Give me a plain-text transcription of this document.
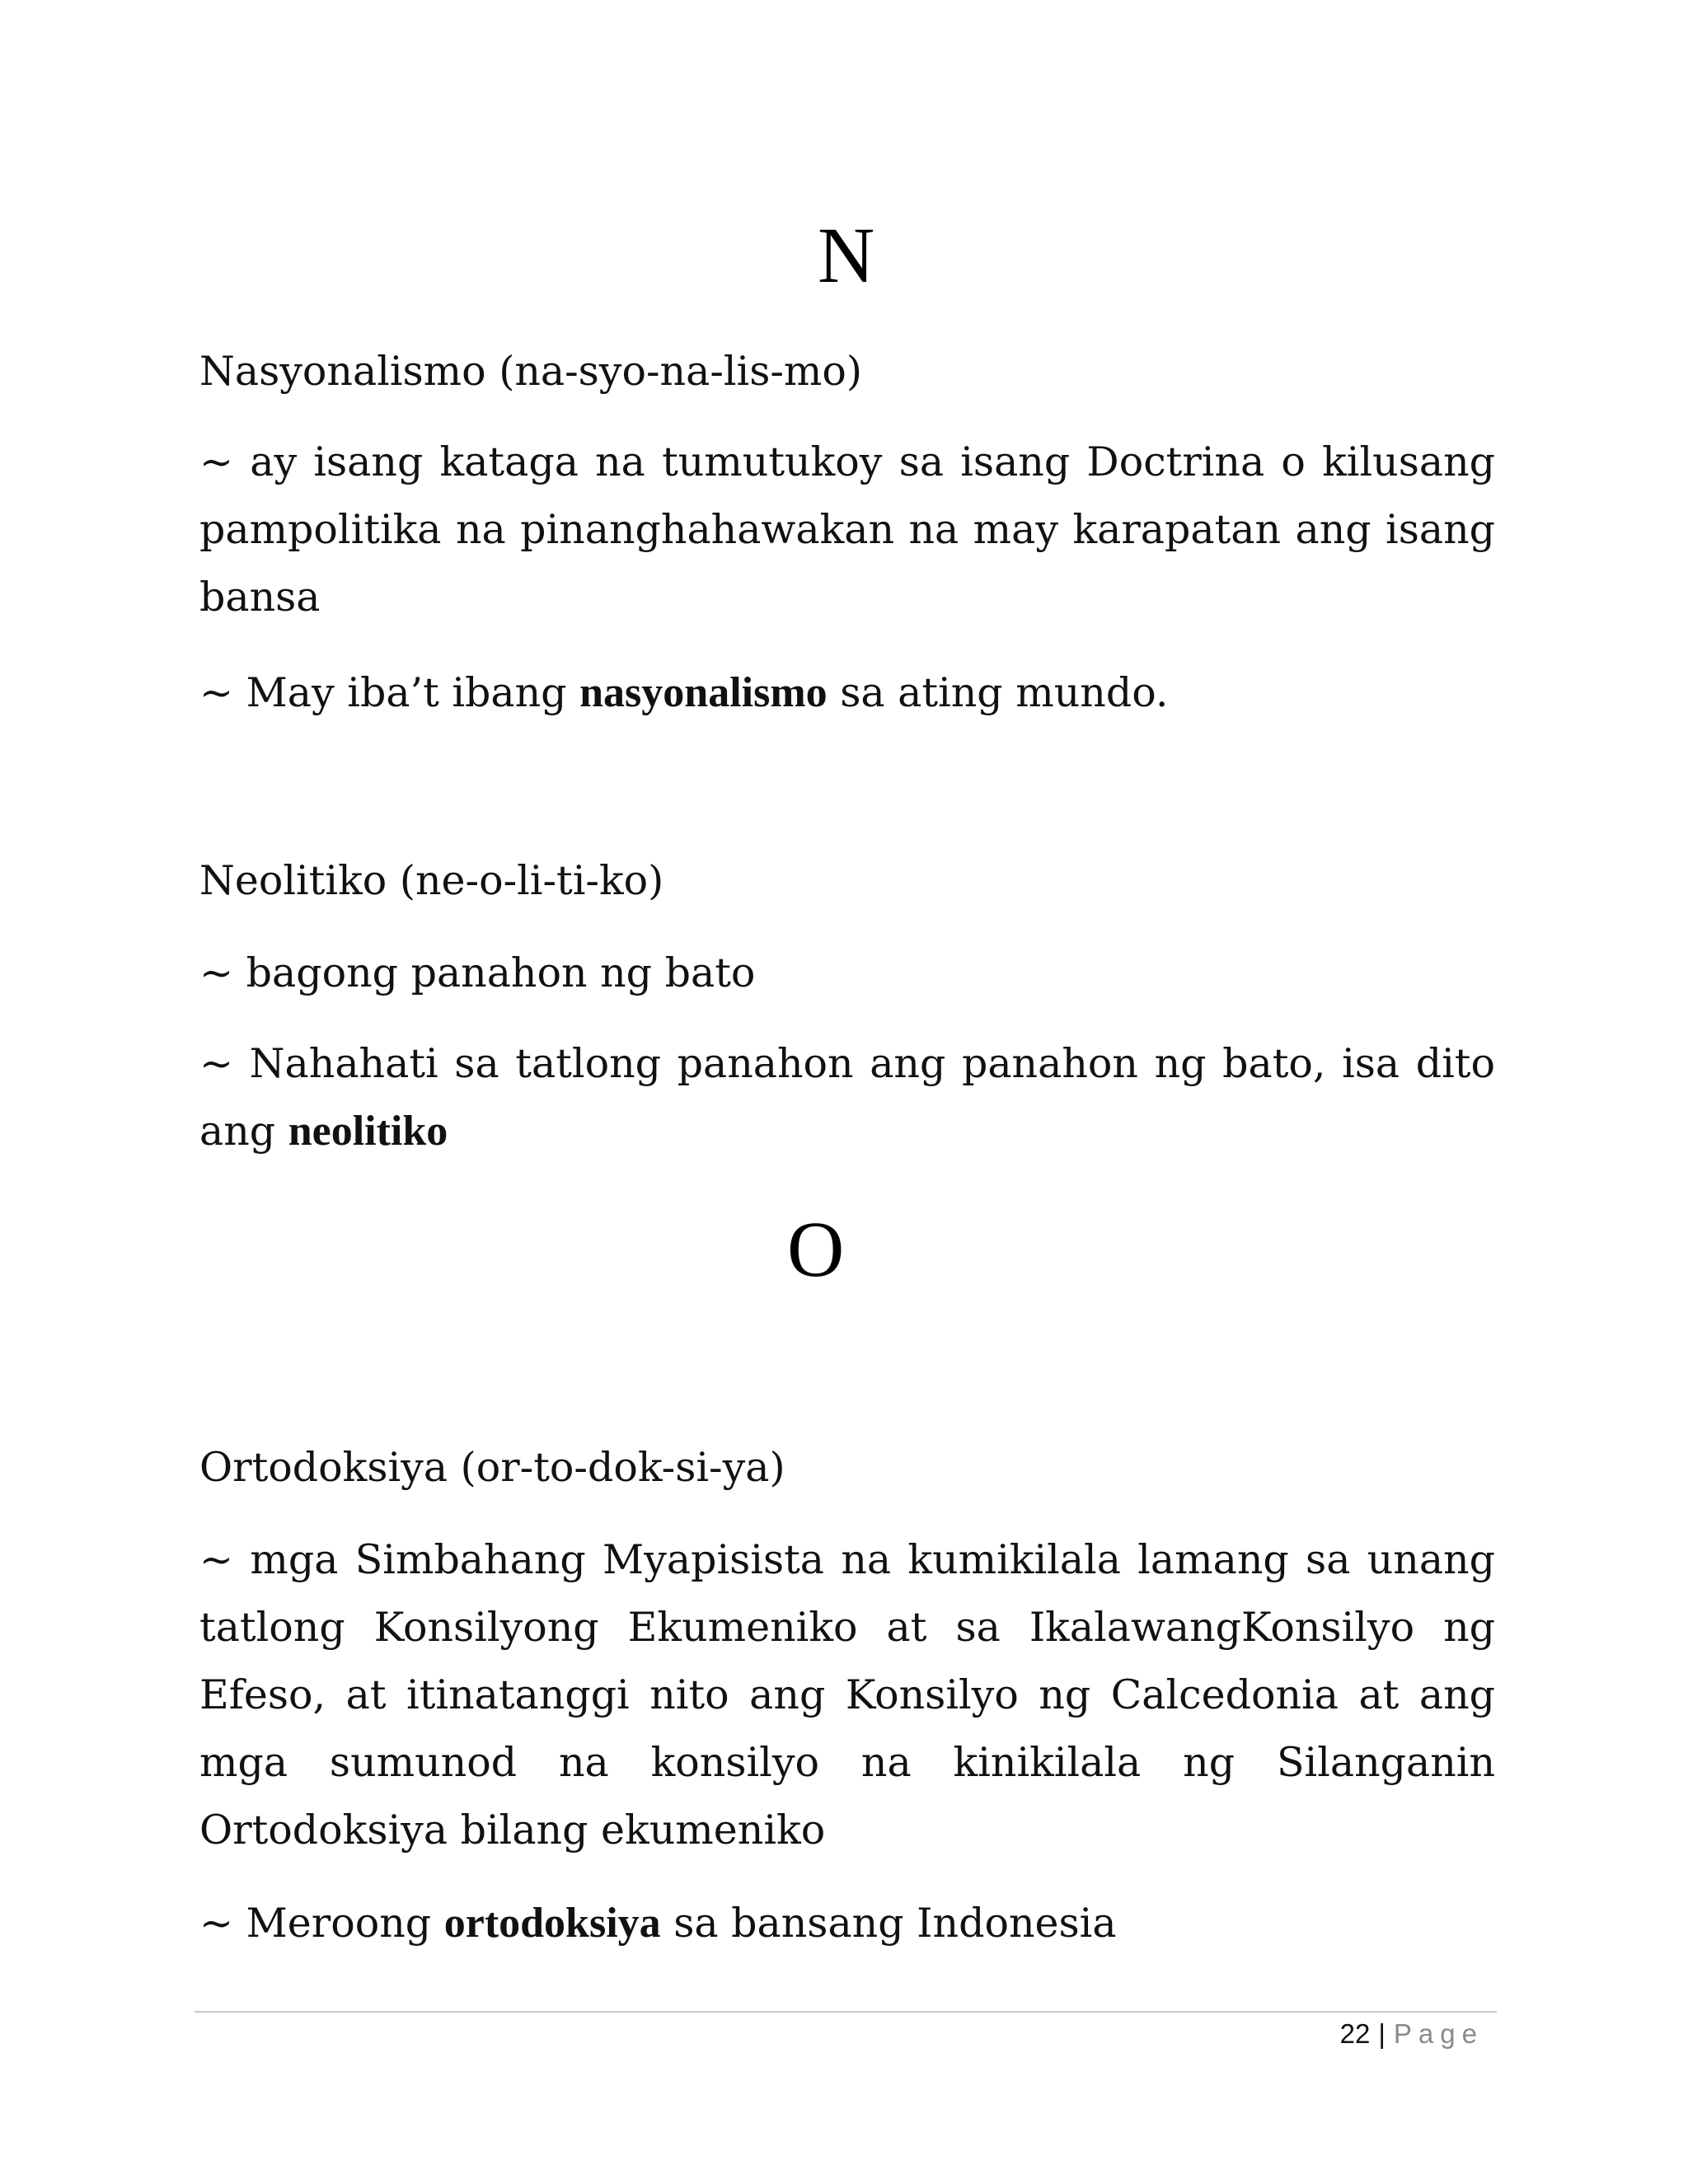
N
Nasyonalismo (na-syo-na-lis-mo)
~ ay isang kataga na tumutukoy sa isang Doctrina o kilusang pampolitika na pinanghahawakan na may karapatan ang isang bansa
~ May iba’t ibang nasyonalismo sa ating mundo.
Neolitiko (ne-o-li-ti-ko)
~ bagong panahon ng bato
~ Nahahati sa tatlong panahon ang panahon ng bato, isa dito ang neolitiko
O
Ortodoksiya (or-to-dok-si-ya)
~ mga Simbahang Myapisista na kumikilala lamang sa unang tatlong Konsilyong Ekumeniko at sa IkalawangKonsilyo ng Efeso, at itinatanggi nito ang Konsilyo ng Calcedonia at ang mga sumunod na konsilyo na kinikilala ng Silanganin Ortodoksiya bilang ekumeniko
~ Meroong ortodoksiya sa bansang Indonesia
22 | Page
